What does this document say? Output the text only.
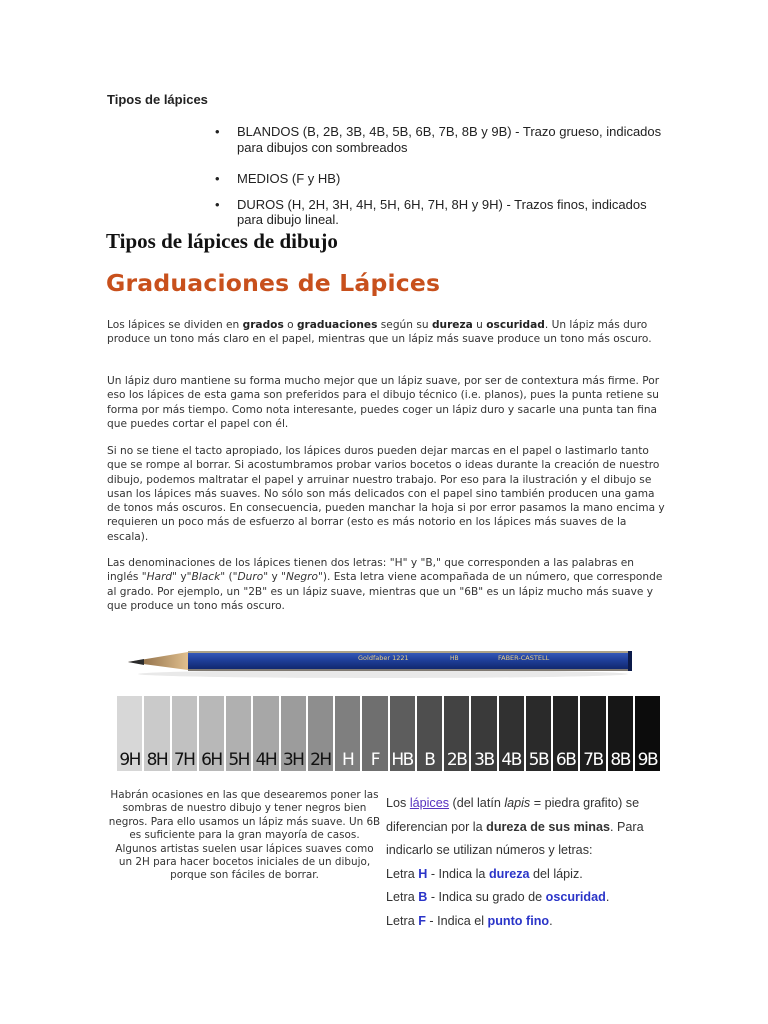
Tipos de lápices
• BLANDOS (B, 2B, 3B, 4B, 5B, 6B, 7B, 8B y 9B) - Trazo grueso, indicados para dibujos con sombreados
• MEDIOS (F y HB)
• DUROS (H, 2H, 3H, 4H, 5H, 6H, 7H, 8H y 9H) - Trazos finos, indicados para dibujo lineal.
Tipos de lápices de dibujo
Graduaciones de Lápices

Los lápices se dividen en grados o graduaciones según su dureza u oscuridad. Un lápiz más duro produce un tono más claro en el papel, mientras que un lápiz más suave produce un tono más oscuro.

Un lápiz duro mantiene su forma mucho mejor que un lápiz suave, por ser de contextura más firme. Por eso los lápices de esta gama son preferidos para el dibujo técnico (i.e. planos), pues la punta retiene su forma por más tiempo. Como nota interesante, puedes coger un lápiz duro y sacarle una punta tan fina que puedes cortar el papel con él.

Si no se tiene el tacto apropiado, los lápices duros pueden dejar marcas en el papel o lastimarlo tanto que se rompe al borrar. Si acostumbramos probar varios bocetos o ideas durante la creación de nuestro dibujo, podemos maltratar el papel y arruinar nuestro trabajo. Por eso para la ilustración y el dibujo se usan los lápices más suaves. No sólo son más delicados con el papel sino también producen una gama de tonos más oscuros. En consecuencia, pueden manchar la hoja si por error pasamos la mano encima y requieren un poco más de esfuerzo al borrar (esto es más notorio en los lápices más suaves de la escala).

Las denominaciones de los lápices tienen dos letras: "H" y "B," que corresponden a las palabras en inglés "Hard" y"Black" ("Duro" y "Negro"). Esta letra viene acompañada de un número, que corresponde al grado. Por ejemplo, un "2B" es un lápiz suave, mientras que un "6B" es un lápiz mucho más suave y que produce un tono más oscuro.

Goldfaber 1221	HB	FABER-CASTELL
9H 8H 7H 6H 5H 4H 3H 2H H	F HB B 2B 3B 4B 5B 6B 7B 8B 9B
Habrán ocasiones en las que desearemos poner las sombras de nuestro dibujo y tener negros bien negros. Para ello usamos un lápiz más suave. Un 6B es suficiente para la gran mayoría de casos. Algunos artistas suelen usar lápices suaves como un 2H para hacer bocetos iniciales de un dibujo, porque son fáciles de borrar.
Los lápices (del latín lapis = piedra grafito) se diferencian por la dureza de sus minas. Para indicarlo se utilizan números y letras:
Letra H - Indica la dureza del lápiz.
Letra B - Indica su grado de oscuridad.
Letra F - Indica el punto fino.
